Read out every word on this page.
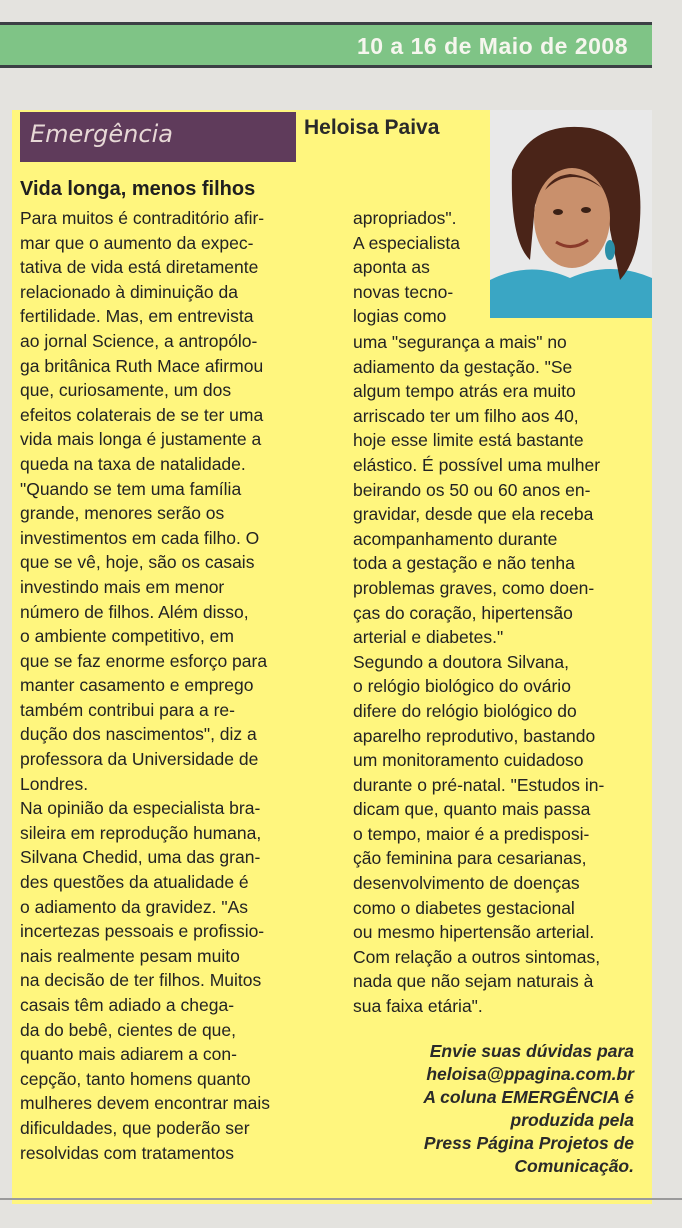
10 a 16 de Maio de 2008
Emergência	Heloisa Paiva
Vida longa, menos filhos
Para muitos é contraditório afir-
mar que o aumento da expec-
tativa de vida está diretamente
relacionado à diminuição da
fertilidade. Mas, em entrevista
ao jornal Science, a antropólo-
ga britânica Ruth Mace afirmou
que, curiosamente, um dos
efeitos colaterais de se ter uma
vida mais longa é justamente a
queda na taxa de natalidade.
"Quando se tem uma família
grande, menores serão os
investimentos em cada filho. O
que se vê, hoje, são os casais
investindo mais em menor
número de filhos. Além disso,
o ambiente competitivo, em
que se faz enorme esforço para
manter casamento e emprego
também contribui para a re-
dução dos nascimentos", diz a
professora da Universidade de
Londres.
Na opinião da especialista bra-
sileira em reprodução humana,
Silvana Chedid, uma das gran-
des questões da atualidade é
o adiamento da gravidez. "As
incertezas pessoais e profissio-
nais realmente pesam muito
na decisão de ter filhos. Muitos
casais têm adiado a chega-
da do bebê, cientes de que,
quanto mais adiarem a con-
cepção, tanto homens quanto
mulheres devem encontrar mais
dificuldades, que poderão ser
resolvidas com tratamentos
apropriados".
A especialista
aponta as
novas tecno-
logias como
uma "segurança a mais" no
adiamento da gestação. "Se
algum tempo atrás era muito
arriscado ter um filho aos 40,
hoje esse limite está bastante
elástico. É possível uma mulher
beirando os 50 ou 60 anos en-
gravidar, desde que ela receba
acompanhamento durante
toda a gestação e não tenha
problemas graves, como doen-
ças do coração, hipertensão
arterial e diabetes."
Segundo a doutora Silvana,
o relógio biológico do ovário
difere do relógio biológico do
aparelho reprodutivo, bastando
um monitoramento cuidadoso
durante o pré-natal. "Estudos in-
dicam que, quanto mais passa
o tempo, maior é a predisposi-
ção feminina para cesarianas,
desenvolvimento de doenças
como o diabetes gestacional
ou mesmo hipertensão arterial.
Com relação a outros sintomas,
nada que não sejam naturais à
sua faixa etária".
Envie suas dúvidas para
heloisa@ppagina.com.br
A coluna EMERGÊNCIA é
produzida pela
Press Página Projetos de
Comunicação.
